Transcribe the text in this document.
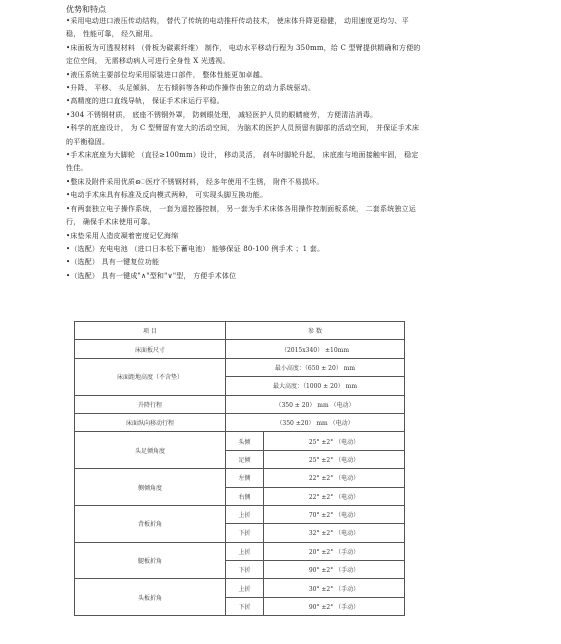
优势和特点

•采用电动进口液压传动结构， 替代了传统的电动推杆传动技术， 使床体升降更稳健， 动用速度更均匀、平稳， 性能可靠， 经久耐用。

•床面板为可透视材料 （骨板为碳素纤维） 制作， 电动水平移动行程为 350mm，给 C 型臂提供精确和方便的定位空间， 无需移动病人可进行全身性 X 光透视。

•液压系统主要部位均采用原装进口部件， 整体性能更加卓越。

•升降、 平移、 头足倾斜、 左右倾斜等各种动作操作由独立的动力系统驱动。

•高精度的进口直线导轨， 保证手术床运行平稳。

•304 不锈钢材质， 底座不锈钢外罩， 防刺眼处理， 减轻医护人员的眼睛疲劳， 方便清洁消毒。

•科学的底座设计， 为 C 型臂留有宽大的活动空间， 为脑术的医护人员预留有脚部的活动空间， 并保证手术床的平衡稳固。

•手术床底座为大脚轮 （直径≥100mm）设计， 移动灵活， 刹车时脚轮升起， 床底座与地面接触牢固， 稳定性佳。

•整床及附件采用优质െ医疗不锈钢材料， 经多年使用不生锈， 附件不易损坏。

•电动手术床具有标准及反向模式两种， 可实现头脚互换功能。

•有两套独立电子操作系统， 一套为遥控器控制， 另一套为手术床体各用操作控制面板系统， 二套系统独立运行， 确保手术床使用可靠。

•床垫采用人造皮凝着密度记忆海绵

•（选配）充电电池 （进口日本松下蓄电池） 能够保证 80-100 例手术 ；1 套。

•（选配） 具有一键复位功能

•（选配） 具有一键成"∧"型和"∨"型， 方便手术体位

项 目	参 数	
床面板尺寸	（2015x340） ±10mm	
床面距地高度（不含垫）	最小高度：（650 ± 20） mm	
	最大高度：（1000 ± 20） mm	
升降行程	（350 ± 20） mm （电动）	
床面纵向移动行程	（350 ±20） mm （电动）	
头足倾角度	头倾	25° ±2° （电动）
	足倾	25° ±2° （电动）
侧倾角度	左侧	22° ±2° （电动）
	右侧	22° ±2° （电动）
背板折角	上折	70° ±2° （电动）
	下折	32° ±2° （电动）
腿板折角	上折	20° ±2° （手动）
	下折	90° ±2° （手动）
头板折角	上折	30° ±2° （手动）
	下折	90° ±2° （手动）
